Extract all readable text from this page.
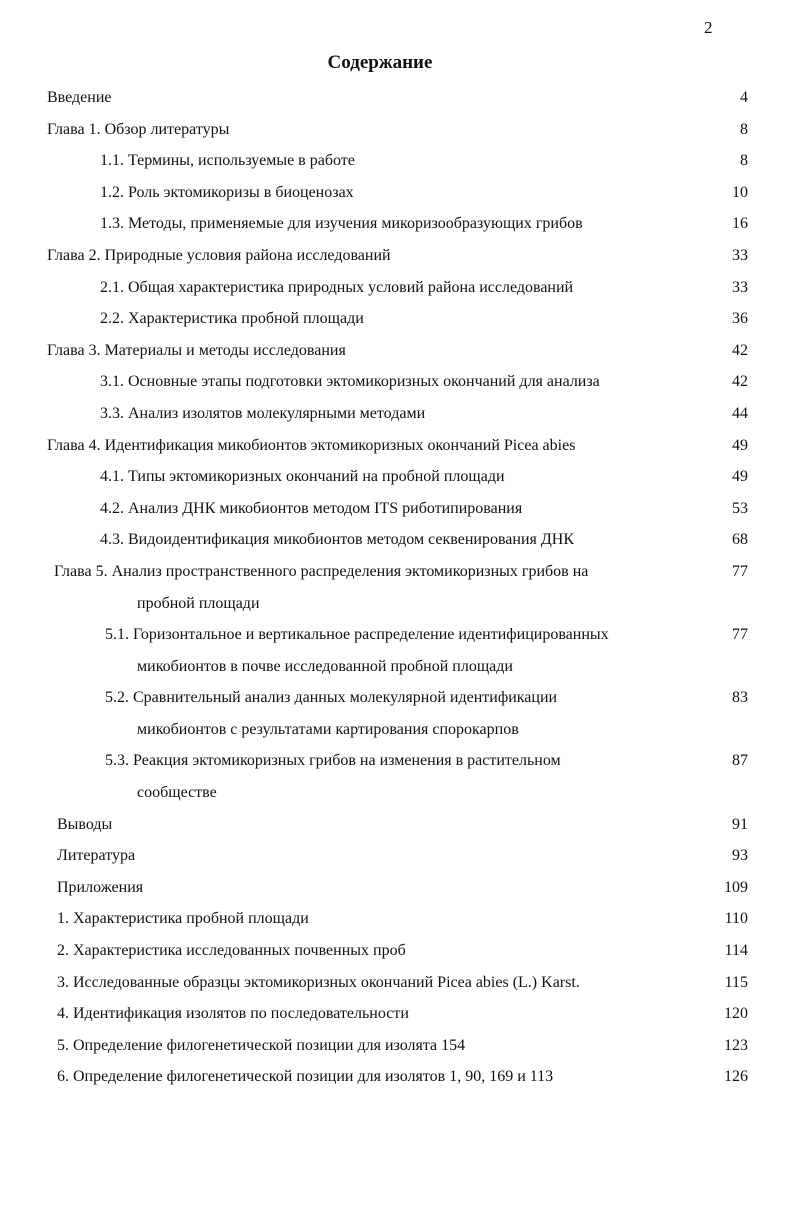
2
Содержание
Введение	4
Глава 1. Обзор литературы	8
1.1. Термины, используемые в работе	8
1.2. Роль эктомикоризы в биоценозах	10
1.3. Методы, применяемые для изучения микоризообразующих грибов	16
Глава 2. Природные условия района исследований	33
2.1. Общая характеристика природных условий района исследований	33
2.2. Характеристика пробной площади	36
Глава 3. Материалы и методы исследования	42
3.1. Основные этапы подготовки эктомикоризных окончаний для анализа	42
3.3. Анализ изолятов молекулярными методами	44
Глава 4. Идентификация микобионтов эктомикоризных окончаний Picea abies	49
4.1. Типы эктомикоризных окончаний на пробной площади	49
4.2. Анализ ДНК микобионтов методом ITS риботипирования	53
4.3. Видоидентификация микобионтов методом секвенирования ДНК	68
Глава 5. Анализ пространственного распределения эктомикоризных грибов на	77
пробной площади
5.1. Горизонтальное и вертикальное распределение идентифицированных	77
микобионтов в почве исследованной пробной площади
5.2. Сравнительный анализ данных молекулярной идентификации	83
микобионтов с результатами картирования спорокарпов
5.3. Реакция эктомикоризных грибов на изменения в растительном	87
сообществе
Выводы	91
Литература	93
Приложения	109
1. Характеристика пробной площади	110
2. Характеристика исследованных почвенных проб	114
3. Исследованные образцы эктомикоризных окончаний Picea abies (L.) Karst.	115
4. Идентификация изолятов по последовательности	120
5. Определение филогенетической позиции для изолята 154	123
6. Определение филогенетической позиции для изолятов 1, 90, 169 и 113	126
